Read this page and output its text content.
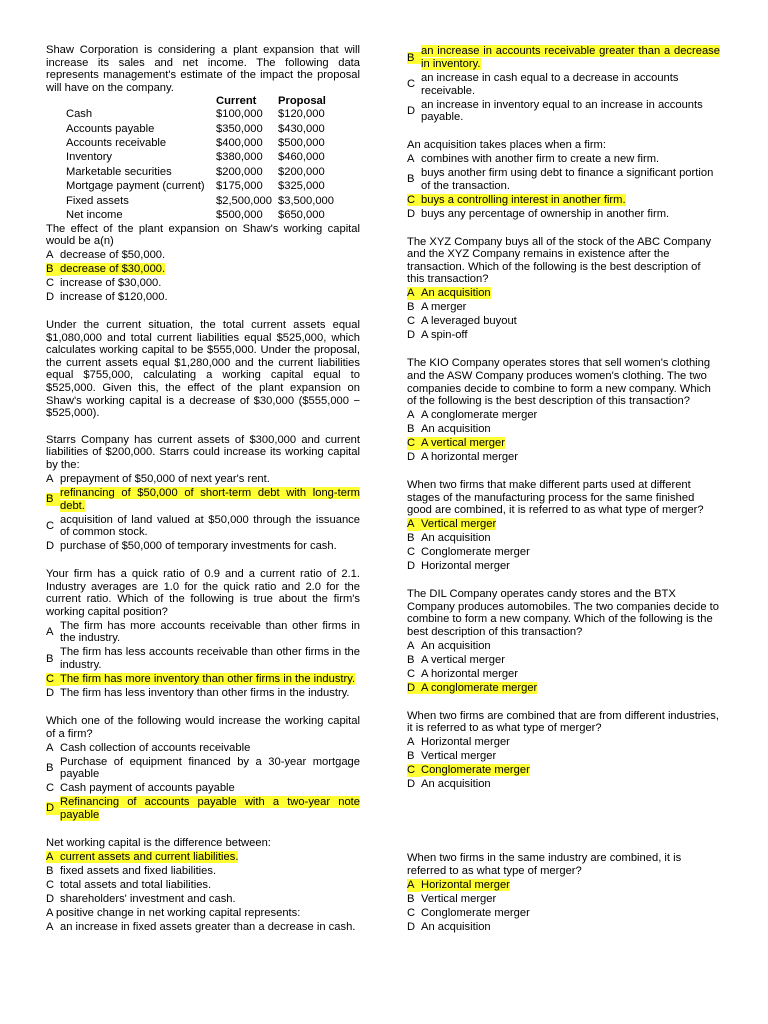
Shaw Corporation is considering a plant expansion that will increase its sales and net income. The following data represents management's estimate of the impact the proposal will have on the company.

	Current	Proposal
Cash	$100,000	$120,000
Accounts payable	$350,000	$430,000
Accounts receivable	$400,000	$500,000
Inventory	$380,000	$460,000
Marketable securities	$200,000	$200,000
Mortgage payment (current)	$175,000	$325,000
Fixed assets	$2,500,000	$3,500,000
Net income	$500,000	$650,000

The effect of the plant expansion on Shaw's working capital would be a(n)

A decrease of $50,000.
B decrease of $30,000.
C increase of $30,000.
D increase of $120,000.

Under the current situation, the total current assets equal $1,080,000 and total current liabilities equal $525,000, which calculates working capital to be $555,000. Under the proposal, the current assets equal $1,280,000 and the current liabilities equal $755,000, calculating a working capital equal to $525,000. Given this, the effect of the plant expansion on Shaw's working capital is a decrease of $30,000 ($555,000 − $525,000).

Starrs Company has current assets of $300,000 and current liabilities of $200,000. Starrs could increase its working capital by the:

A prepayment of $50,000 of next year's rent.
B
refinancing of $50,000 of short-term debt with long-term debt.
C
acquisition of land valued at $50,000 through the issuance of common stock.
D purchase of $50,000 of temporary investments for cash.

Your firm has a quick ratio of 0.9 and a current ratio of 2.1. Industry averages are 1.0 for the quick ratio and 2.0 for the current ratio. Which of the following is true about the firm's working capital position?

A
The firm has more accounts receivable than other firms in the industry.
B
The firm has less accounts receivable than other firms in the industry.
C The firm has more inventory than other firms in the industry.
D The firm has less inventory than other firms in the industry.

Which one of the following would increase the working capital of a firm?

A Cash collection of accounts receivable
B
Purchase of equipment financed by a 30-year mortgage payable
C Cash payment of accounts payable
D
Refinancing of accounts payable with a two-year note payable

Net working capital is the difference between:

A current assets and current liabilities.
B fixed assets and fixed liabilities.
C total assets and total liabilities.
D shareholders' investment and cash.

A positive change in net working capital represents:

A an increase in fixed assets greater than a decrease in cash.
B
an increase in accounts receivable greater than a decrease in inventory.
C
an increase in cash equal to a decrease in accounts receivable.
D
an increase in inventory equal to an increase in accounts payable.

An acquisition takes places when a firm:

A combines with another firm to create a new firm.
B
buys another firm using debt to finance a significant portion of the transaction.
C buys a controlling interest in another firm.
D buys any percentage of ownership in another firm.

The XYZ Company buys all of the stock of the ABC Company and the XYZ Company remains in existence after the transaction. Which of the following is the best description of this transaction?

A An acquisition
B A merger
C A leveraged buyout
D A spin-off

The KIO Company operates stores that sell women's clothing and the ASW Company produces women's clothing. The two companies decide to combine to form a new company. Which of the following is the best description of this transaction?

A A conglomerate merger
B An acquisition
C A vertical merger
D A horizontal merger

When two firms that make different parts used at different stages of the manufacturing process for the same finished good are combined, it is referred to as what type of merger?

A Vertical merger
B An acquisition
C Conglomerate merger
D Horizontal merger

The DIL Company operates candy stores and the BTX Company produces automobiles. The two companies decide to combine to form a new company. Which of the following is the best description of this transaction?

A An acquisition
B A vertical merger
C A horizontal merger
D A conglomerate merger

When two firms are combined that are from different industries, it is referred to as what type of merger?

A Horizontal merger
B Vertical merger
C Conglomerate merger
D An acquisition

When two firms in the same industry are combined, it is referred to as what type of merger?

A Horizontal merger
B Vertical merger
C Conglomerate merger
D An acquisition
